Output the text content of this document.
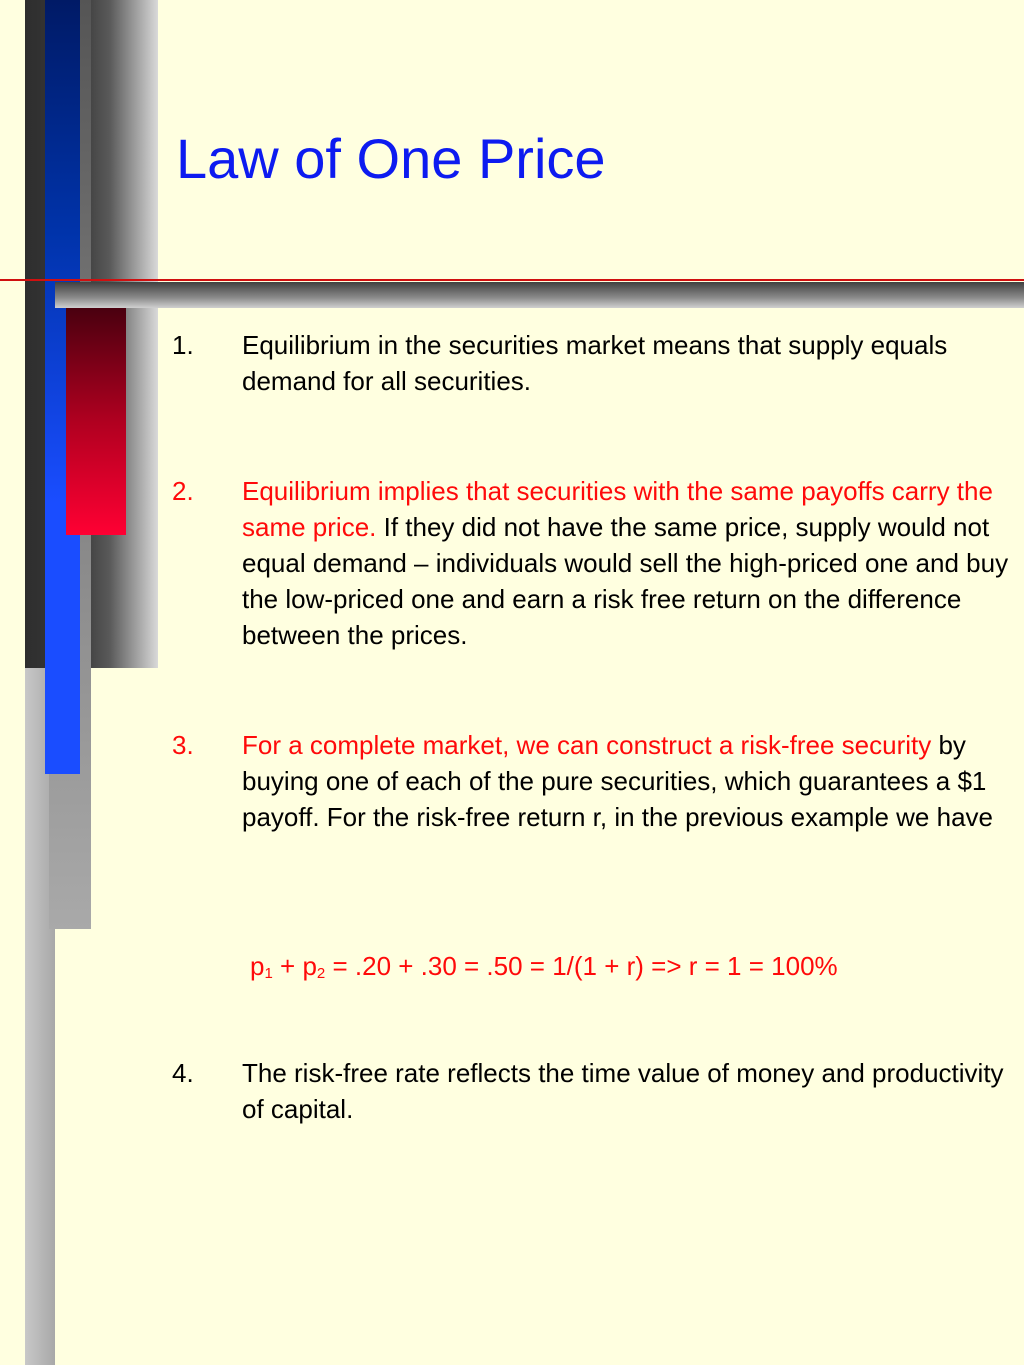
Law of One Price
1.	Equilibrium in the securities market means that supply equals demand for all securities.
2.	Equilibrium implies that securities with the same payoffs carry the same price. If they did not have the same price, supply would not equal demand – individuals would sell the high-priced one and buy the low-priced one and earn a risk free return on the difference between the prices.
3.	For a complete market, we can construct a risk-free security by buying one of each of the pure securities, which guarantees a $1 payoff. For the risk-free return r, in the previous example we have
$p_1 + p_2 = .20 + .30 = .50 = 1/(1 + r) => r = 1 = 100\%$
4.	The risk-free rate reflects the time value of money and productivity of capital.
